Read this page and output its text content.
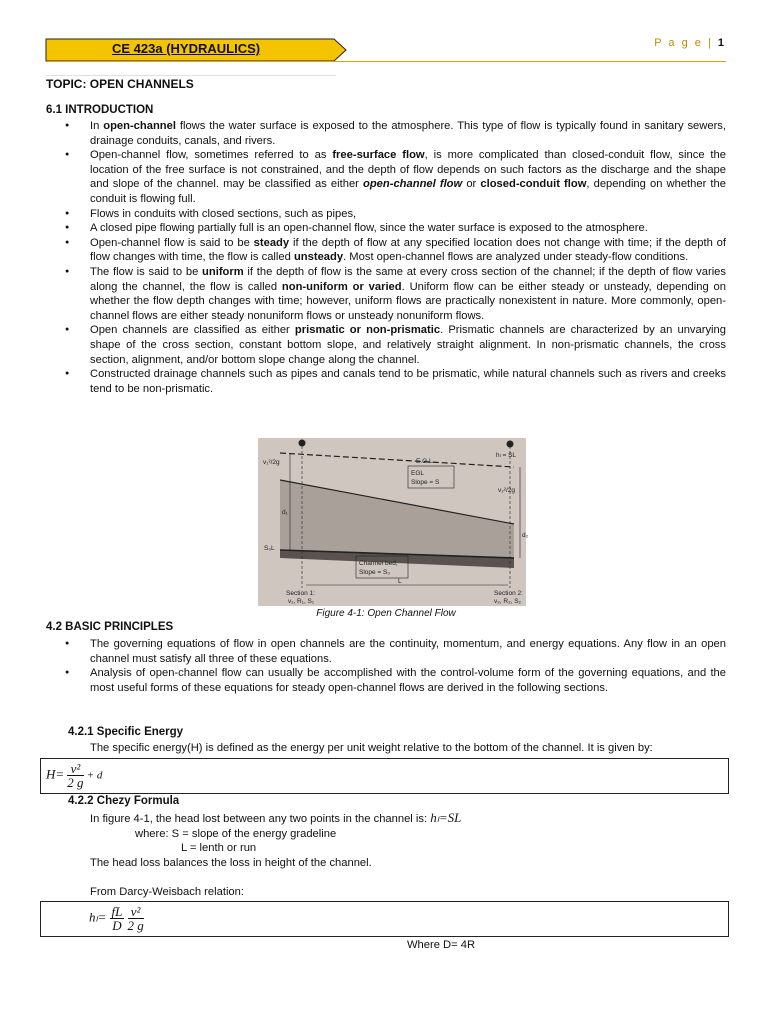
CE 423a (HYDRAULICS)	P a g e | 1
TOPIC: OPEN CHANNELS
6.1 INTRODUCTION
● In open-channel flows the water surface is exposed to the atmosphere. This type of flow is typically found in sanitary sewers, drainage conduits, canals, and rivers.
● Open-channel flow, sometimes referred to as free-surface flow, is more complicated than closed-conduit flow, since the location of the free surface is not constrained, and the depth of flow depends on such factors as the discharge and the shape and slope of the channel. may be classified as either open-channel flow or closed-conduit flow, depending on whether the conduit is flowing full.
● Flows in conduits with closed sections, such as pipes,
● A closed pipe flowing partially full is an open-channel flow, since the water surface is exposed to the atmosphere.
● Open-channel flow is said to be steady if the depth of flow at any specified location does not change with time; if the depth of flow changes with time, the flow is called unsteady. Most open-channel flows are analyzed under steady-flow conditions.
● The flow is said to be uniform if the depth of flow is the same at every cross section of the channel; if the depth of flow varies along the channel, the flow is called non-uniform or varied. Uniform flow can be either steady or unsteady, depending on whether the flow depth changes with time; however, uniform flows are practically nonexistent in nature. More commonly, open-channel flows are either steady nonuniform flows or unsteady nonuniform flows.
● Open channels are classified as either prismatic or non-prismatic. Prismatic channels are characterized by an unvarying shape of the cross section, constant bottom slope, and relatively straight alignment. In non-prismatic channels, the cross section, alignment, and/or bottom slope change along the channel.
● Constructed drainage channels such as pipes and canals tend to be prismatic, while natural channels such as rivers and creeks tend to be non-prismatic.
E.G.L.
EGL
Slope = S
hₗ = SL
v₁²/2g
v₂²/2g
d₁
d₂
S₀L
Channel bed,
Slope = S₀
L
Section 1:
v₁, R₁, S₁
Section 2:
v₂, R₂, S₂
Figure 4-1: Open Channel Flow
4.2 BASIC PRINCIPLES
● The governing equations of flow in open channels are the continuity, momentum, and energy equations. Any flow in an open channel must satisfy all three of these equations.
● Analysis of open-channel flow can usually be accomplished with the control-volume form of the governing equations, and the most useful forms of these equations for steady open-channel flows are derived in the following sections.
4.2.1 Specific Energy
The specific energy(H) is defined as the energy per unit weight relative to the bottom of the channel. It is given by:
$H= \frac{\text{v²}}{2 g} + d$
4.2.2 Chezy Formula
In figure 4-1, the head lost between any two points in the channel is: hₗ=SL
where: S = slope of the energy gradeline
L = lenth or run
The head loss balances the loss in height of the channel.
From Darcy-Weisbach relation:
$h_l= \frac{fL}{D}$
$\frac{\text{v²}}{2 g}$
Where D= 4R
